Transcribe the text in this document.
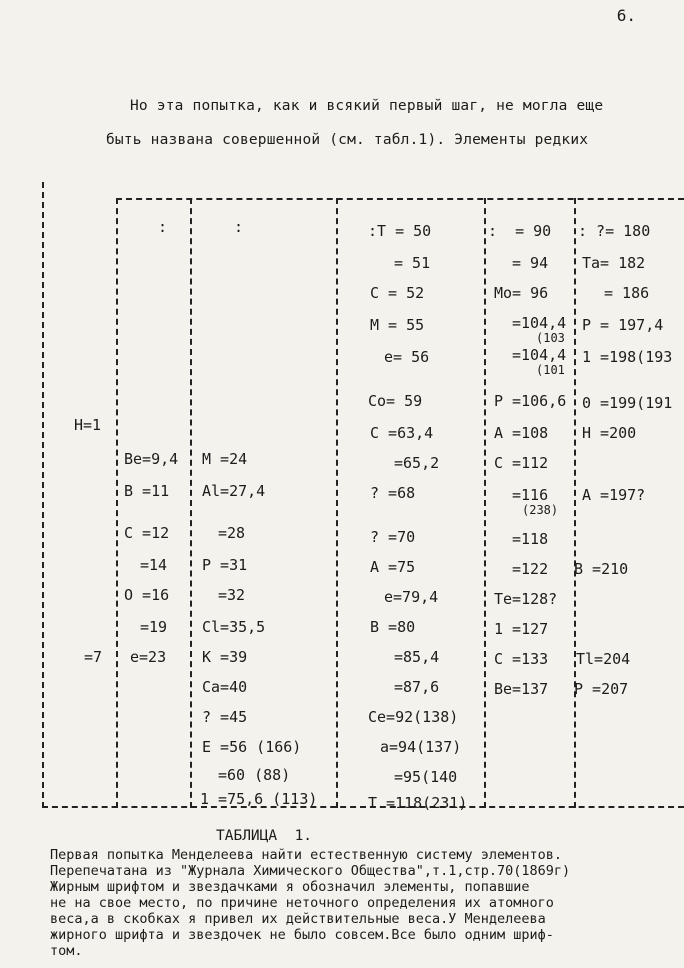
6.
Но эта попытка, как и всякий первый шаг, не могла еще
быть названа совершенной (см. табл.1). Элементы редких
H=1
=7
:
Be=9,4
B =11
C =12
=14
O =16
=19
e=23
:
M =24
Al=27,4
=28
P =31
=32
Cl=35,5
K =39
Ca=40
? =45
E =56 (166)
=60 (88)
1 =75,6 (113)
:T = 50
= 51
C = 52
M = 55
e= 56
Co= 59
C =63,4
=65,2
? =68
? =70
A =75
e=79,4
B =80
=85,4
=87,6
Ce=92(138)
a=94(137)
=95(140
T =118(231)
:  = 90
= 94
Mo= 96
=104,4
(103
=104,4
(101
P =106,6
A =108
C =112
=116
(238)
=118
=122
Te=128?
1 =127
C =133
Be=137
: ?= 180
Ta= 182
= 186
P = 197,4
1 =198(193
0 =199(191
H =200
A =197?
B =210
Tl=204
P =207
ТАБЛИЦА  1.
Первая попытка Менделеева найти естественную систему элементов.
Перепечатана из "Журнала Химического Общества",т.1,стр.70(1869г)
Жирным шрифтом и звездачками я обозначил элементы, попавшие
не на свое место, по причине неточного определения их атомного
веса,а в скобках я привел их действительные веса.У Менделеева
жирного шрифта и звездочек не было совсем.Все было одним шриф-
том.
